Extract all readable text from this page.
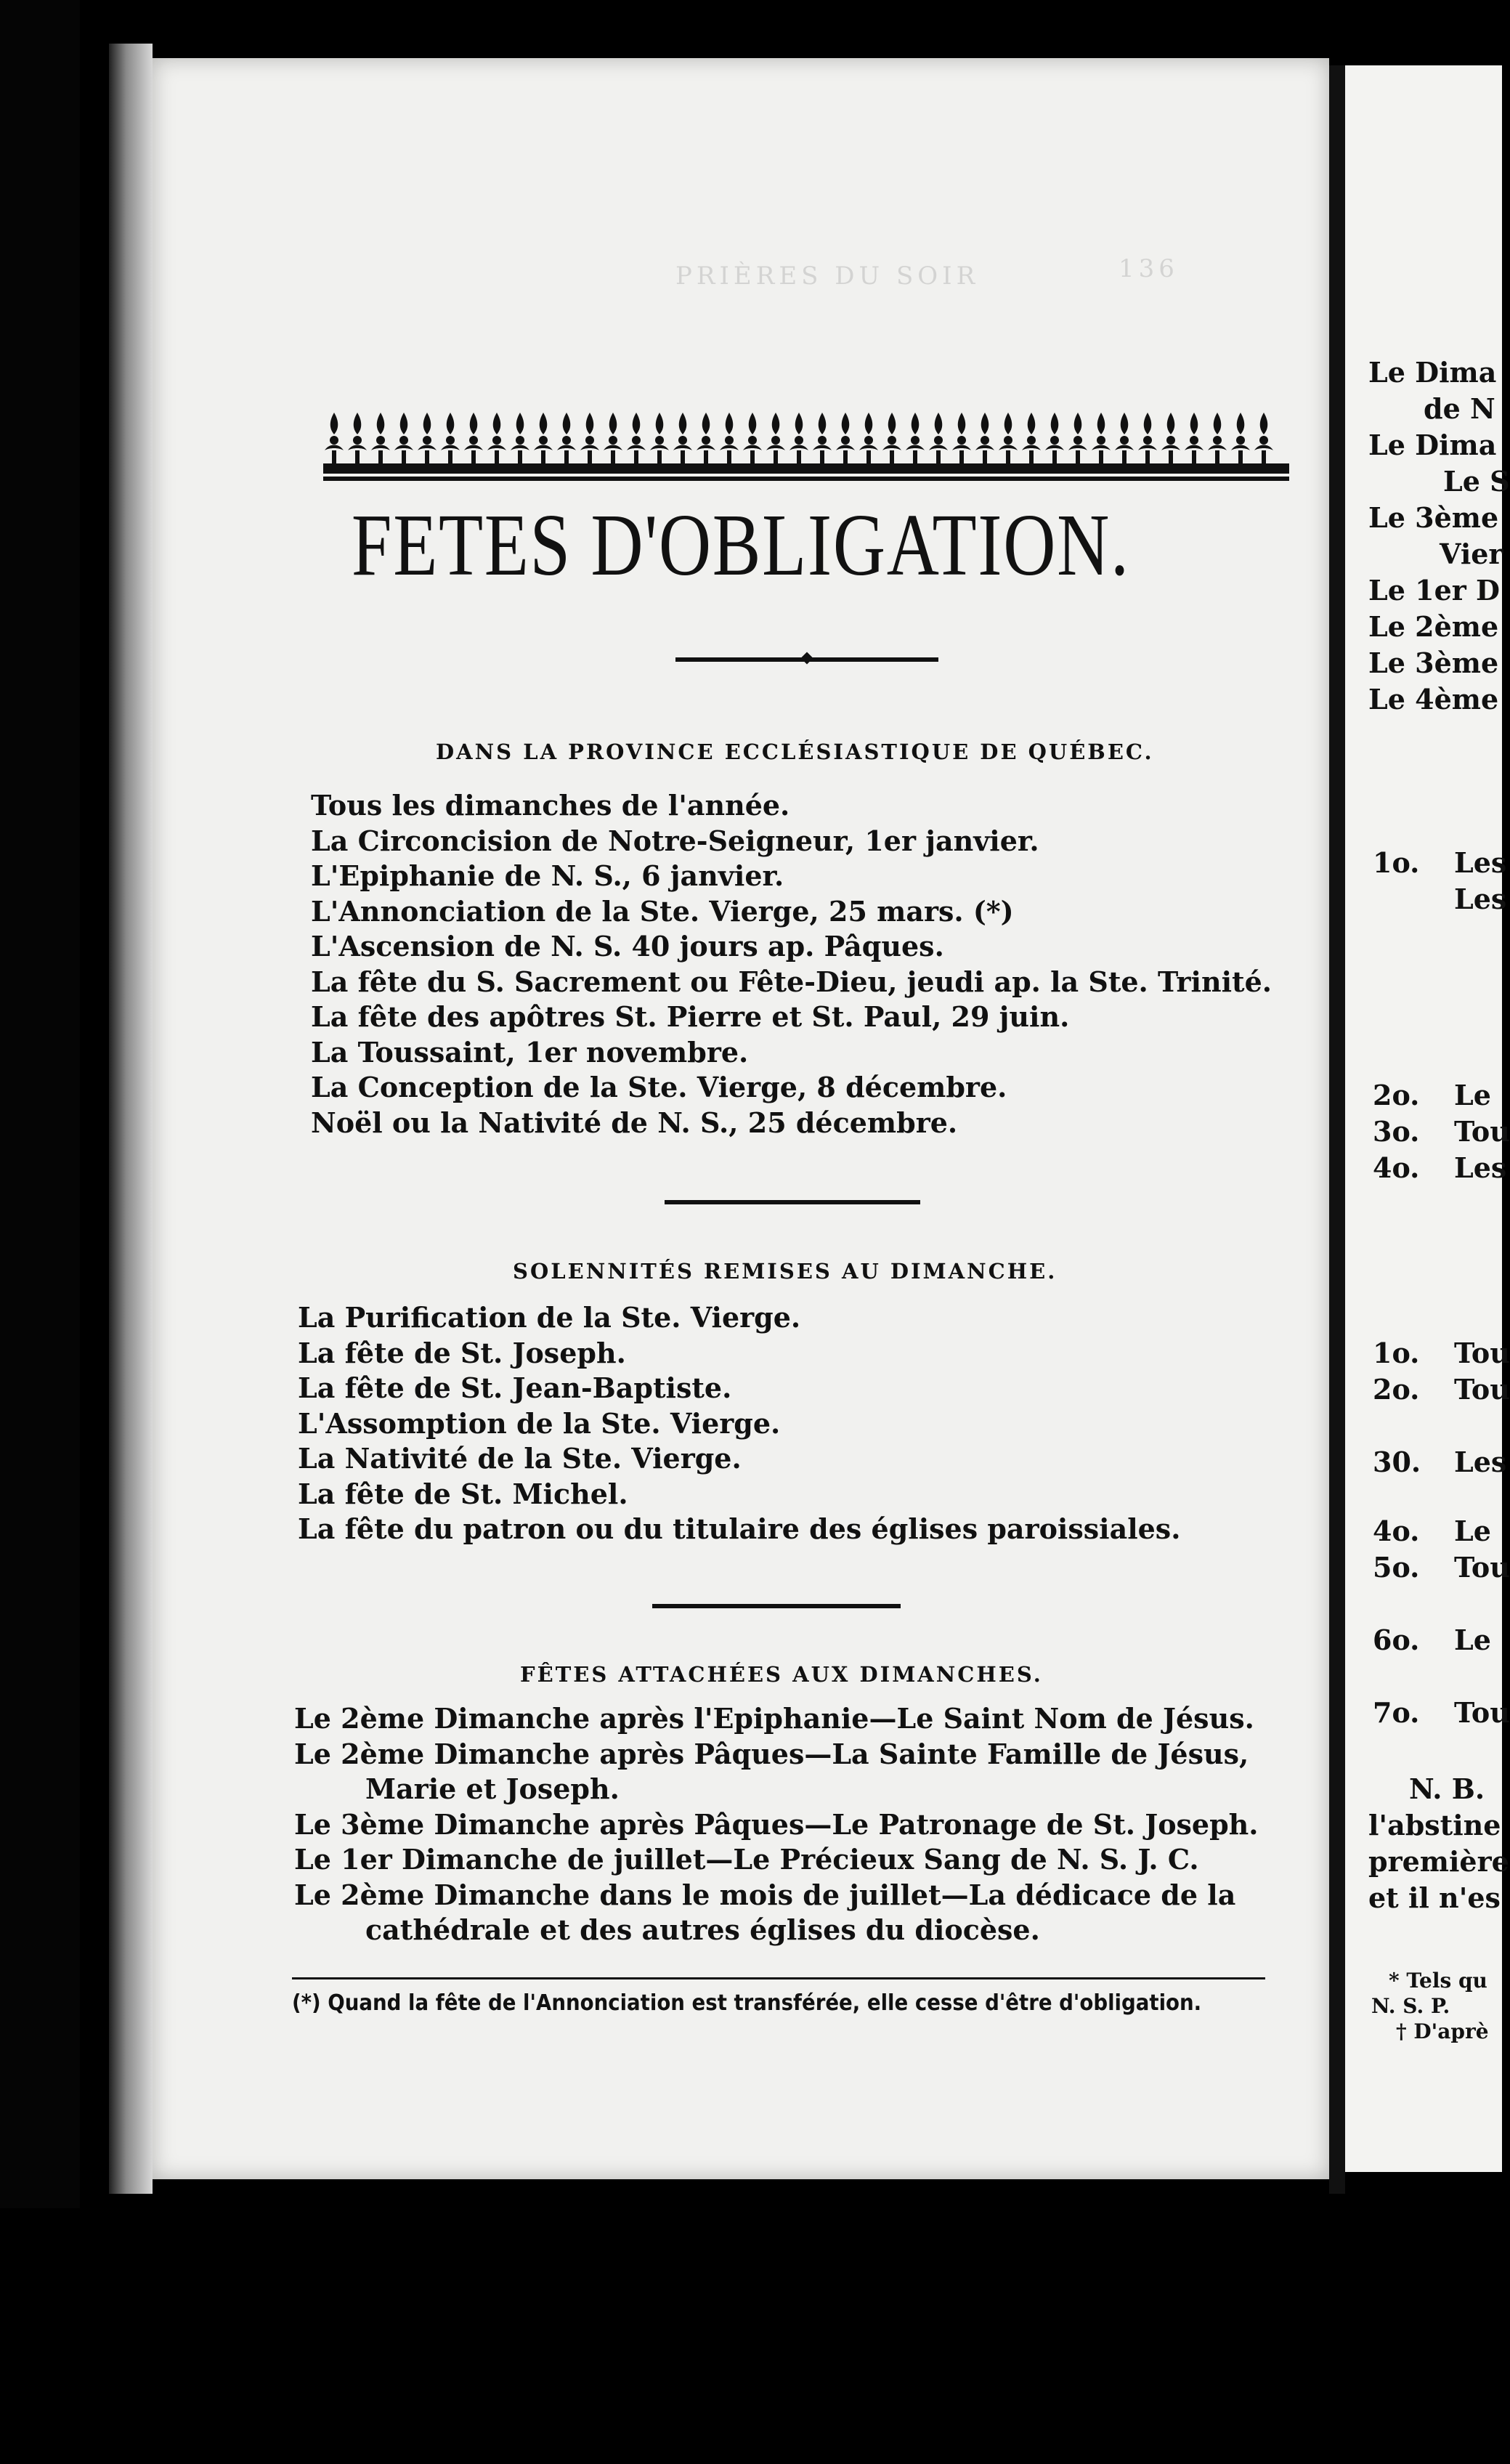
PRIÈRES DU SOIR	136
FETES D'OBLIGATION.
DANS LA PROVINCE ECCLÉSIASTIQUE DE QUÉBEC.
Tous les dimanches de l'année.
La Circoncision de Notre-Seigneur, 1er janvier.
L'Epiphanie de N. S., 6 janvier.
L'Annonciation de la Ste. Vierge, 25 mars. (*)
L'Ascension de N. S. 40 jours ap. Pâques.
La fête du S. Sacrement ou Fête-Dieu, jeudi ap. la Ste. Trinité.
La fête des apôtres St. Pierre et St. Paul, 29 juin.
La Toussaint, 1er novembre.
La Conception de la Ste. Vierge, 8 décembre.
Noël ou la Nativité de N. S., 25 décembre.
SOLENNITÉS REMISES AU DIMANCHE.
La Purification de la Ste. Vierge.
La fête de St. Joseph.
La fête de St. Jean-Baptiste.
L'Assomption de la Ste. Vierge.
La Nativité de la Ste. Vierge.
La fête de St. Michel.
La fête du patron ou du titulaire des églises paroissiales.
FÊTES ATTACHÉES AUX DIMANCHES.
Le 2ème Dimanche après l'Epiphanie—Le Saint Nom de Jésus.
Le 2ème Dimanche après Pâques—La Sainte Famille de Jésus,
Marie et Joseph.
Le 3ème Dimanche après Pâques—Le Patronage de St. Joseph.
Le 1er Dimanche de juillet—Le Précieux Sang de N. S. J. C.
Le 2ème Dimanche dans le mois de juillet—La dédicace de la
cathédrale et des autres églises du diocèse.
(*) Quand la fête de l'Annonciation est transférée, elle cesse d'être d'obligation.
Le Dima
de N
Le Dima
Le S
Le 3ème
Vier
Le 1er D
Le 2ème
Le 3ème
Le 4ème
1o. Les
Les
2o. Le
3o. Tou
4o. Les
1o. Tou
2o. Tou
30. Les
4o. Le
5o. Tou
6o. Le
7o. Tou
N. B.
l'abstine
première
et il n'es
* Tels qu
N. S. P.
† D'aprè
